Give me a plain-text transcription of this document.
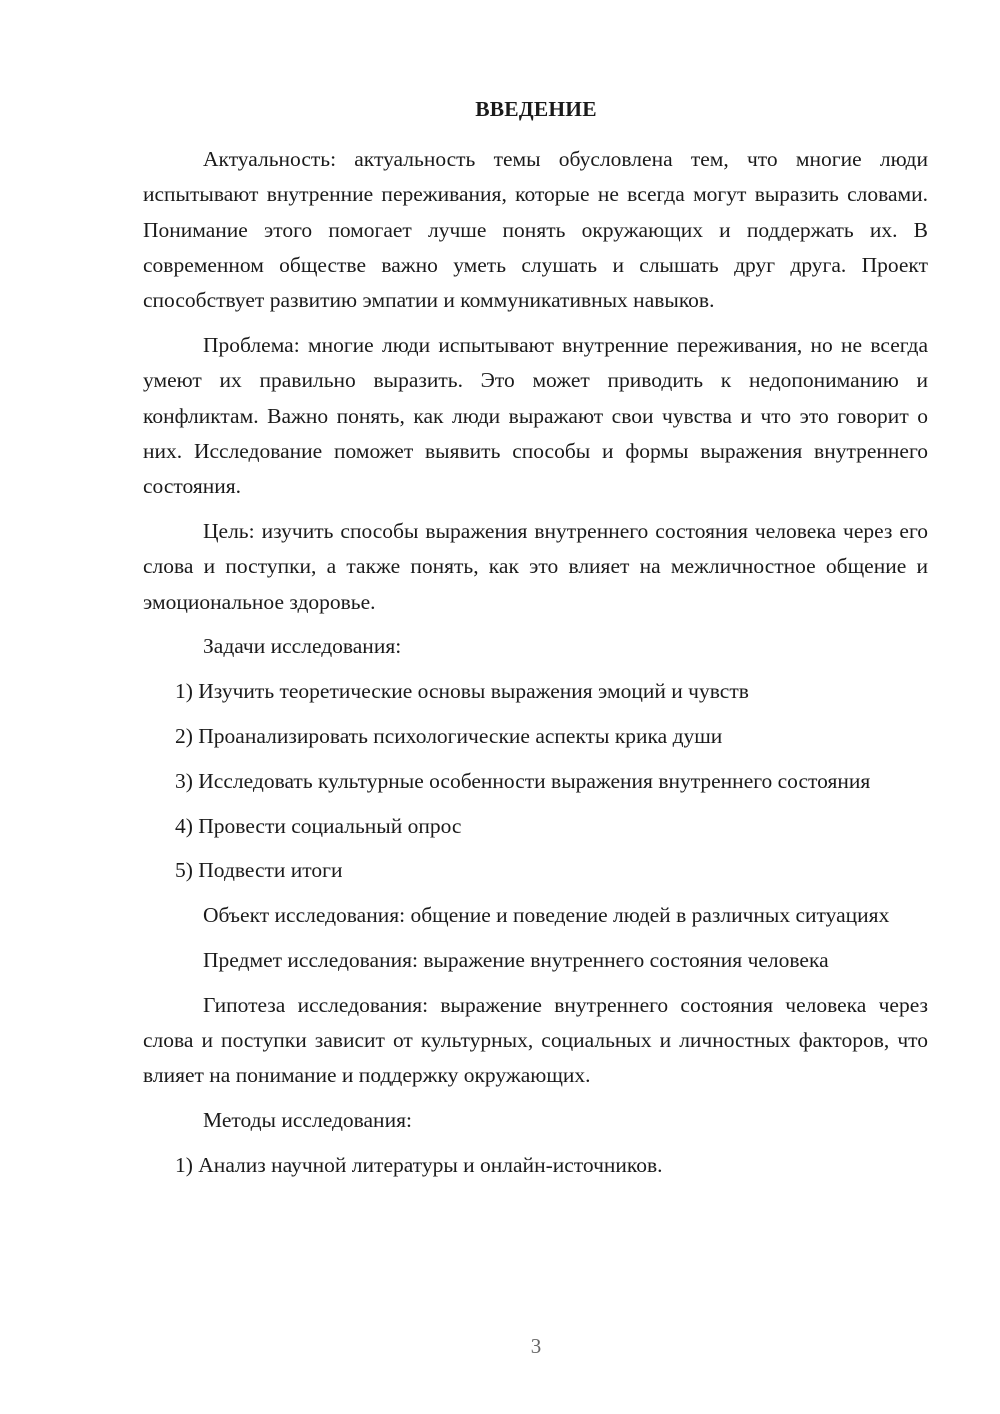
ВВЕДЕНИЕ

Актуальность: актуальность темы обусловлена тем, что многие люди испытывают внутренние переживания, которые не всегда могут выразить словами. Понимание этого помогает лучше понять окружающих и поддержать их. В современном обществе важно уметь слушать и слышать друг друга. Проект способствует развитию эмпатии и коммуникативных навыков.

Проблема: многие люди испытывают внутренние переживания, но не всегда умеют их правильно выразить. Это может приводить к недопониманию и конфликтам. Важно понять, как люди выражают свои чувства и что это говорит о них. Исследование поможет выявить способы и формы выражения внутреннего состояния.

Цель: изучить способы выражения внутреннего состояния человека через его слова и поступки, а также понять, как это влияет на межличностное общение и эмоциональное здоровье.

Задачи исследования:

1) Изучить теоретические основы выражения эмоций и чувств

2) Проанализировать психологические аспекты крика души

3) Исследовать культурные особенности выражения внутреннего состояния

4) Провести социальный опрос

5) Подвести итоги

Объект исследования: общение и поведение людей в различных ситуациях

Предмет исследования: выражение внутреннего состояния человека

Гипотеза исследования: выражение внутреннего состояния человека через слова и поступки зависит от культурных, социальных и личностных факторов, что влияет на понимание и поддержку окружающих.

Методы исследования:

1) Анализ научной литературы и онлайн-источников.

3
